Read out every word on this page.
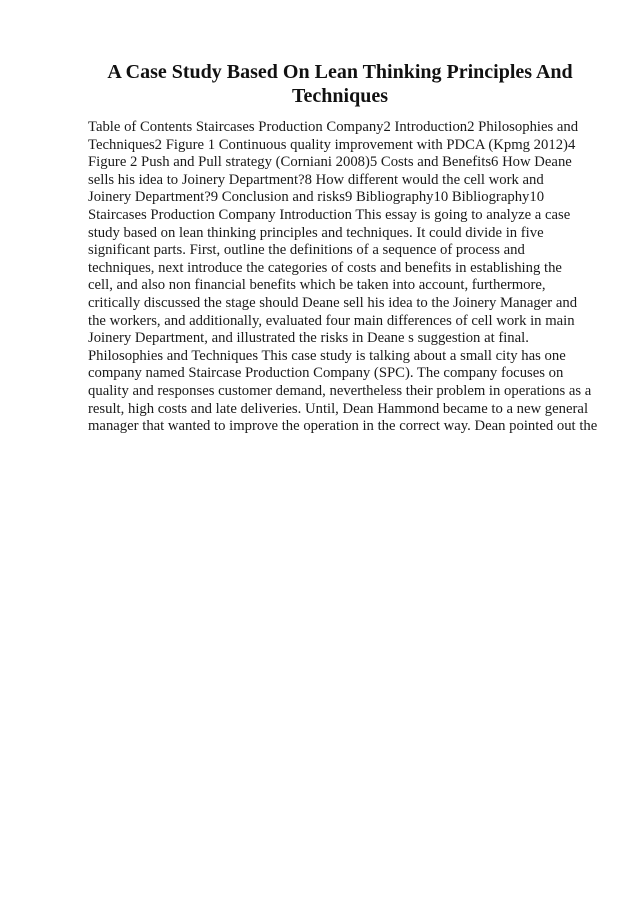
A Case Study Based On Lean Thinking Principles And
Techniques
Table of Contents Staircases Production Company2 Introduction2 Philosophies and
Techniques2 Figure 1 Continuous quality improvement with PDCA (Kpmg 2012)4
Figure 2 Push and Pull strategy (Corniani 2008)5 Costs and Benefits6 How Deane
sells his idea to Joinery Department?8 How different would the cell work and
Joinery Department?9 Conclusion and risks9 Bibliography10 Bibliography10
Staircases Production Company Introduction This essay is going to analyze a case
study based on lean thinking principles and techniques. It could divide in five
significant parts. First, outline the definitions of a sequence of process and
techniques, next introduce the categories of costs and benefits in establishing the
cell, and also non financial benefits which be taken into account, furthermore,
critically discussed the stage should Deane sell his idea to the Joinery Manager and
the workers, and additionally, evaluated four main differences of cell work in main
Joinery Department, and illustrated the risks in Deane s suggestion at final.
Philosophies and Techniques This case study is talking about a small city has one
company named Staircase Production Company (SPC). The company focuses on
quality and responses customer demand, nevertheless their problem in operations as a
result, high costs and late deliveries. Until, Dean Hammond became to a new general
manager that wanted to improve the operation in the correct way. Dean pointed out the
